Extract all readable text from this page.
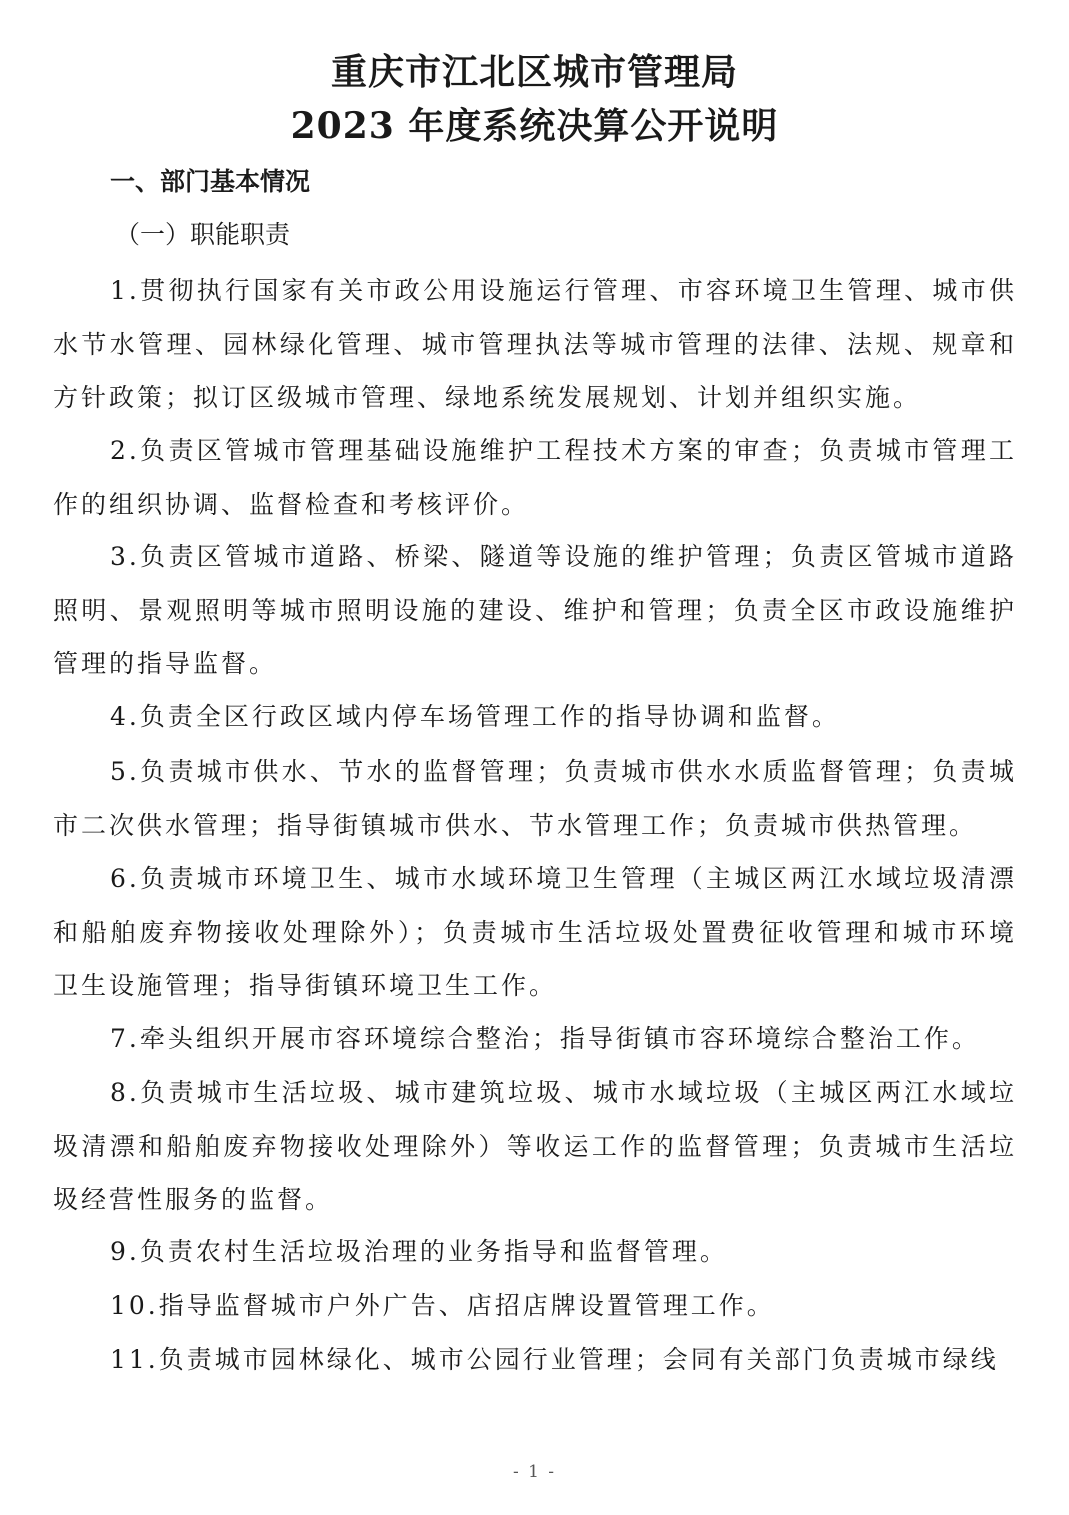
重庆市江北区城市管理局
2023 年度系统决算公开说明
一、部门基本情况
（一）职能职责
1.贯彻执行国家有关市政公用设施运行管理、市容环境卫生管理、城市供水节水管理、园林绿化管理、城市管理执法等城市管理的法律、法规、规章和方针政策；拟订区级城市管理、绿地系统发展规划、计划并组织实施。
2.负责区管城市管理基础设施维护工程技术方案的审查；负责城市管理工作的组织协调、监督检查和考核评价。
3.负责区管城市道路、桥梁、隧道等设施的维护管理；负责区管城市道路照明、景观照明等城市照明设施的建设、维护和管理；负责全区市政设施维护管理的指导监督。
4.负责全区行政区域内停车场管理工作的指导协调和监督。
5.负责城市供水、节水的监督管理；负责城市供水水质监督管理；负责城市二次供水管理；指导街镇城市供水、节水管理工作；负责城市供热管理。
6.负责城市环境卫生、城市水域环境卫生管理（主城区两江水域垃圾清漂和船舶废弃物接收处理除外）；负责城市生活垃圾处置费征收管理和城市环境卫生设施管理；指导街镇环境卫生工作。
7.牵头组织开展市容环境综合整治；指导街镇市容环境综合整治工作。
8.负责城市生活垃圾、城市建筑垃圾、城市水域垃圾（主城区两江水域垃圾清漂和船舶废弃物接收处理除外）等收运工作的监督管理；负责城市生活垃圾经营性服务的监督。
9.负责农村生活垃圾治理的业务指导和监督管理。
10.指导监督城市户外广告、店招店牌设置管理工作。
11.负责城市园林绿化、城市公园行业管理；会同有关部门负责城市绿线
- 1 -
